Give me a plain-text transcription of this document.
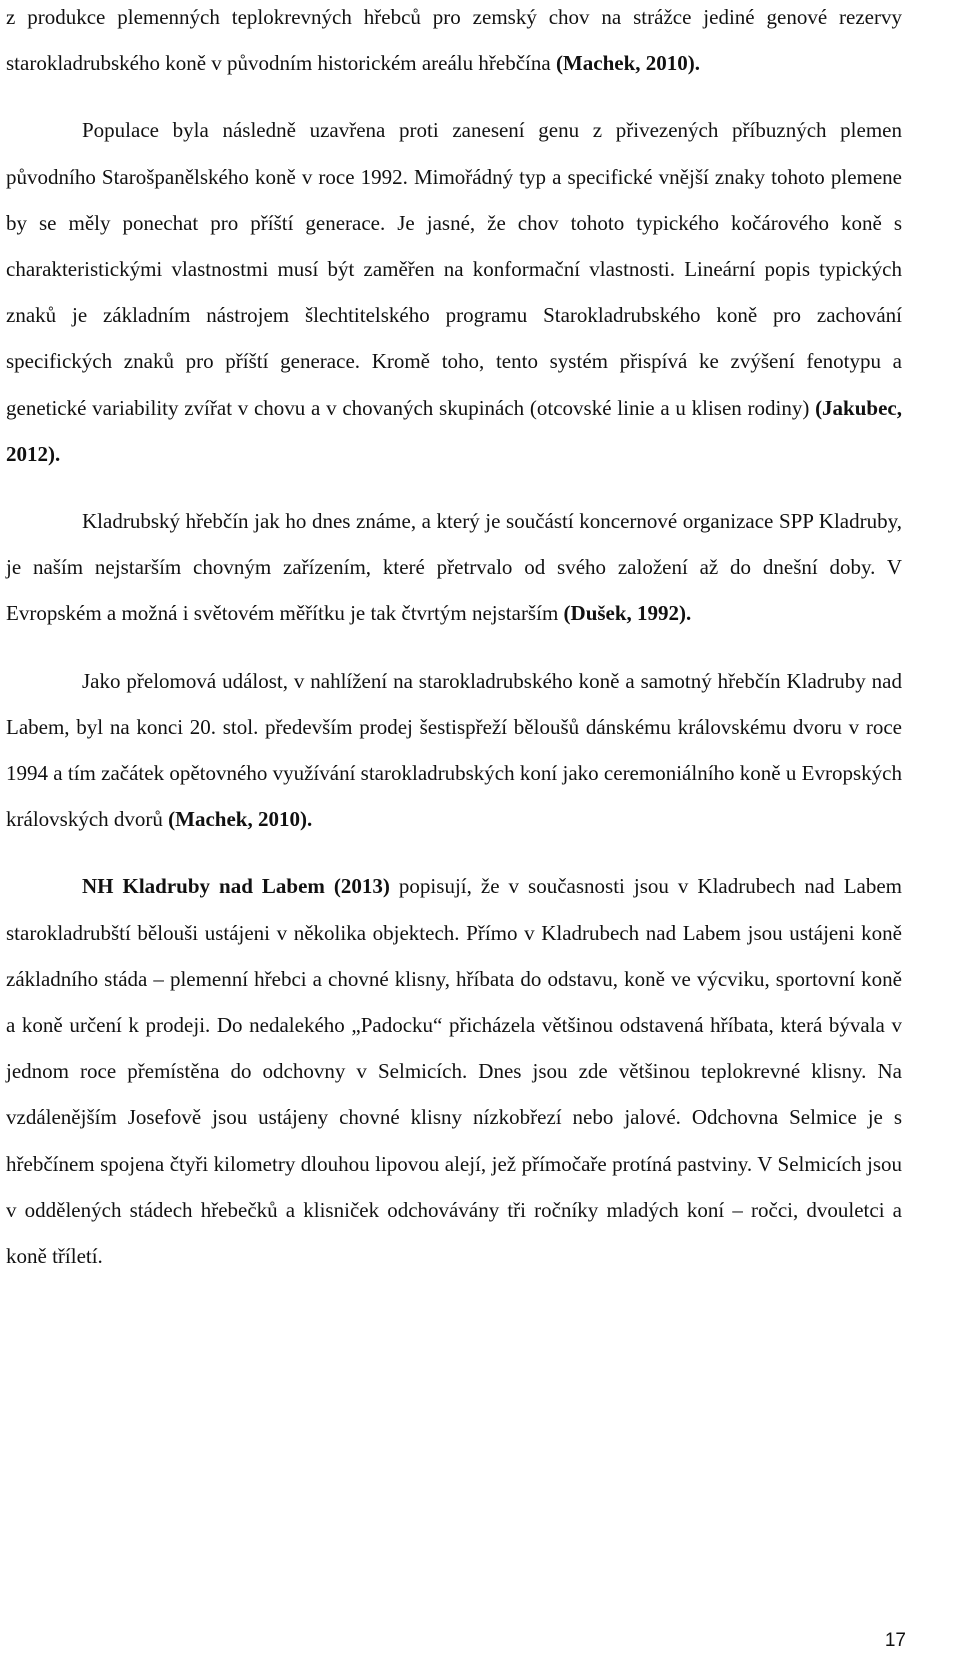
z produkce plemenných teplokrevných hřebců pro zemský chov na strážce jediné genové rezervy starokladrubského koně v původním historickém areálu hřebčína (Machek, 2010).

Populace byla následně uzavřena proti zanesení genu z přivezených příbuzných plemen původního Starošpanělského koně v roce 1992. Mimořádný typ a specifické vnější znaky tohoto plemene by se měly ponechat pro příští generace. Je jasné, že chov tohoto typického kočárového koně s charakteristickými vlastnostmi musí být zaměřen na konformační vlastnosti. Lineární popis typických znaků je základním nástrojem šlechtitelského programu Starokladrubského koně pro zachování specifických znaků pro příští generace. Kromě toho, tento systém přispívá ke zvýšení fenotypu a genetické variability zvířat v chovu a v chovaných skupinách (otcovské linie a u klisen rodiny) (Jakubec, 2012).

Kladrubský hřebčín jak ho dnes známe, a který je součástí koncernové organizace SPP Kladruby, je naším nejstarším chovným zařízením, které přetrvalo od svého založení až do dnešní doby. V Evropském a možná i světovém měřítku je tak čtvrtým nejstarším (Dušek, 1992).

Jako přelomová událost, v nahlížení na starokladrubského koně a samotný hřebčín Kladruby nad Labem, byl na konci 20. stol. především prodej šestispřeží běloušů dánskému královskému dvoru v roce 1994 a tím začátek opětovného využívání starokladrubských koní jako ceremoniálního koně u Evropských královských dvorů (Machek, 2010).

NH Kladruby nad Labem (2013) popisují, že v současnosti jsou v Kladrubech nad Labem starokladrubští bělouši ustájeni v několika objektech. Přímo v Kladrubech nad Labem jsou ustájeni koně základního stáda – plemenní hřebci a chovné klisny, hříbata do odstavu, koně ve výcviku, sportovní koně a koně určení k prodeji. Do nedalekého „Padocku“ přicházela většinou odstavená hříbata, která bývala v jednom roce přemístěna do odchovny v Selmicích. Dnes jsou zde většinou teplokrevné klisny. Na vzdálenějším Josefově jsou ustájeny chovné klisny nízkobřezí nebo jalové. Odchovna Selmice je s hřebčínem spojena čtyři kilometry dlouhou lipovou alejí, jež přímočaře protíná pastviny. V Selmicích jsou v oddělených stádech hřebečků a klisniček odchovávány tři ročníky mladých koní – ročci, dvouletci a koně tříletí.

17
